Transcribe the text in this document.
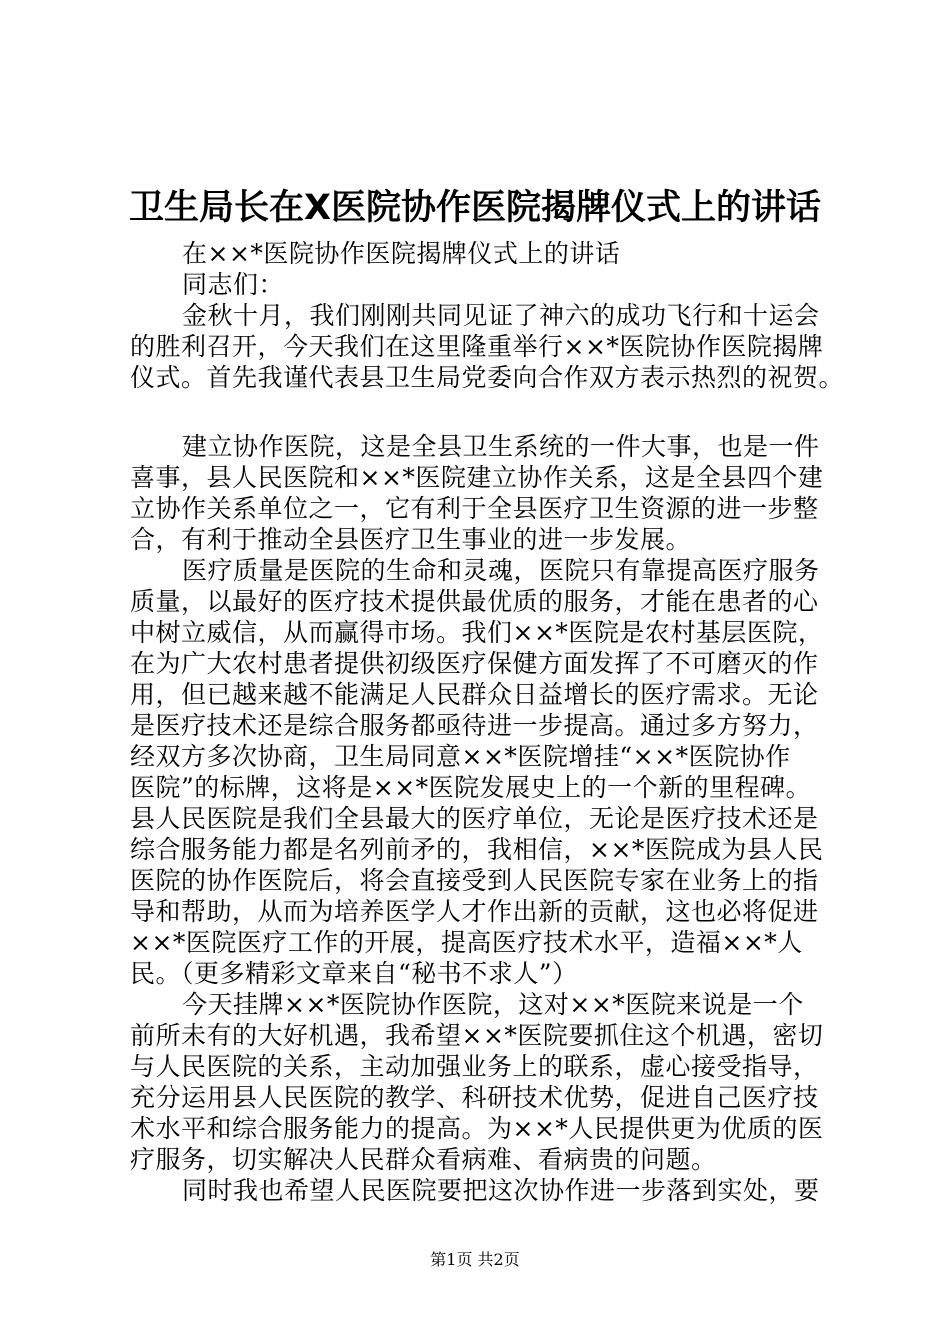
卫生局长在X医院协作医院揭牌仪式上的讲话
在××*医院协作医院揭牌仪式上的讲话
同志们：
金秋十月，我们刚刚共同见证了神六的成功飞行和十运会
的胜利召开，今天我们在这里隆重举行××*医院协作医院揭牌
仪式。首先我谨代表县卫生局党委向合作双方表示热烈的祝贺。
建立协作医院，这是全县卫生系统的一件大事，也是一件
喜事，县人民医院和××*医院建立协作关系，这是全县四个建
立协作关系单位之一，它有利于全县医疗卫生资源的进一步整
合，有利于推动全县医疗卫生事业的进一步发展。
医疗质量是医院的生命和灵魂，医院只有靠提高医疗服务
质量，以最好的医疗技术提供最优质的服务，才能在患者的心
中树立威信，从而赢得市场。我们××*医院是农村基层医院，
在为广大农村患者提供初级医疗保健方面发挥了不可磨灭的作
用，但已越来越不能满足人民群众日益增长的医疗需求。无论
是医疗技术还是综合服务都亟待进一步提高。通过多方努力，
经双方多次协商，卫生局同意××*医院增挂“××*医院协作
医院”的标牌，这将是××*医院发展史上的一个新的里程碑。
县人民医院是我们全县最大的医疗单位，无论是医疗技术还是
综合服务能力都是名列前矛的，我相信，××*医院成为县人民
医院的协作医院后，将会直接受到人民医院专家在业务上的指
导和帮助，从而为培养医学人才作出新的贡献，这也必将促进
××*医院医疗工作的开展，提高医疗技术水平，造福××*人
民。（更多精彩文章来自“秘书不求人”）
今天挂牌××*医院协作医院，这对××*医院来说是一个
前所未有的大好机遇，我希望××*医院要抓住这个机遇，密切
与人民医院的关系，主动加强业务上的联系，虚心接受指导，
充分运用县人民医院的教学、科研技术优势，促进自己医疗技
术水平和综合服务能力的提高。为××*人民提供更为优质的医
疗服务，切实解决人民群众看病难、看病贵的问题。
同时我也希望人民医院要把这次协作进一步落到实处，要
第1页 共2页
